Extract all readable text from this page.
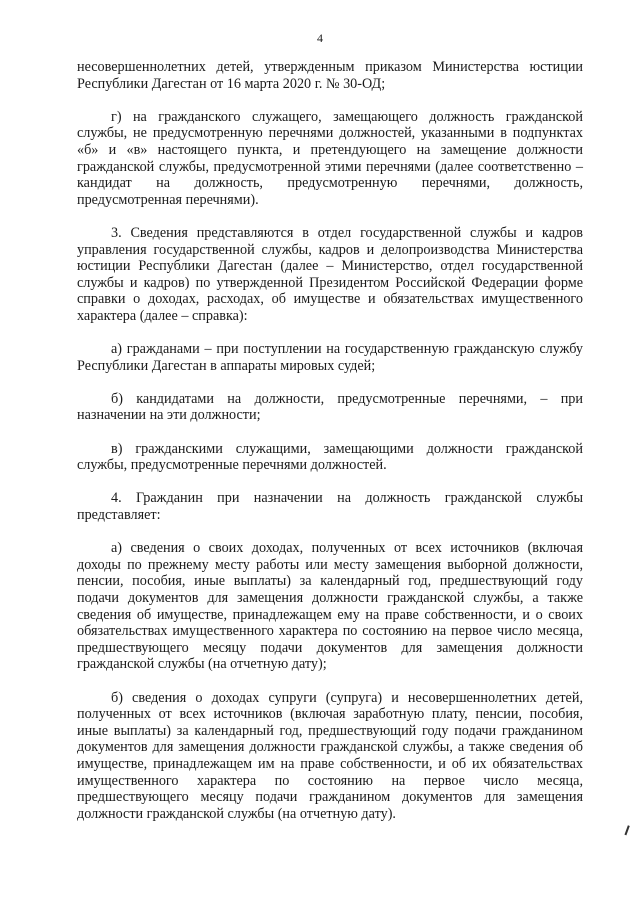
4

несовершеннолетних детей, утвержденным приказом Министерства юстиции Республики Дагестан от 16 марта 2020 г. № 30-ОД;

г) на гражданского служащего, замещающего должность гражданской службы, не предусмотренную перечнями должностей, указанными в подпунктах «б» и «в» настоящего пункта, и претендующего на замещение должности гражданской службы, предусмотренной этими перечнями (далее соответственно – кандидат на должность, предусмотренную перечнями, должность, предусмотренная перечнями).

3. Сведения представляются в отдел государственной службы и кадров управления государственной службы, кадров и делопроизводства Министерства юстиции Республики Дагестан (далее – Министерство, отдел государственной службы и кадров) по утвержденной Президентом Российской Федерации форме справки о доходах, расходах, об имуществе и обязательствах имущественного характера (далее – справка):

а) гражданами – при поступлении на государственную гражданскую службу Республики Дагестан в аппараты мировых судей;

б) кандидатами на должности, предусмотренные перечнями, – при назначении на эти должности;

в) гражданскими служащими, замещающими должности гражданской службы, предусмотренные перечнями должностей.

4. Гражданин при назначении на должность гражданской службы представляет:

а) сведения о своих доходах, полученных от всех источников (включая доходы по прежнему месту работы или месту замещения выборной должности, пенсии, пособия, иные выплаты) за календарный год, предшествующий году подачи документов для замещения должности гражданской службы, а также сведения об имуществе, принадлежащем ему на праве собственности, и о своих обязательствах имущественного характера по состоянию на первое число месяца, предшествующего месяцу подачи документов для замещения должности гражданской службы (на отчетную дату);

б) сведения о доходах супруги (супруга) и несовершеннолетних детей, полученных от всех источников (включая заработную плату, пенсии, пособия, иные выплаты) за календарный год, предшествующий году подачи гражданином документов для замещения должности гражданской службы, а также сведения об имуществе, принадлежащем им на праве собственности, и об их обязательствах имущественного характера по состоянию на первое число месяца, предшествующего месяцу подачи гражданином документов для замещения должности гражданской службы (на отчетную дату).
